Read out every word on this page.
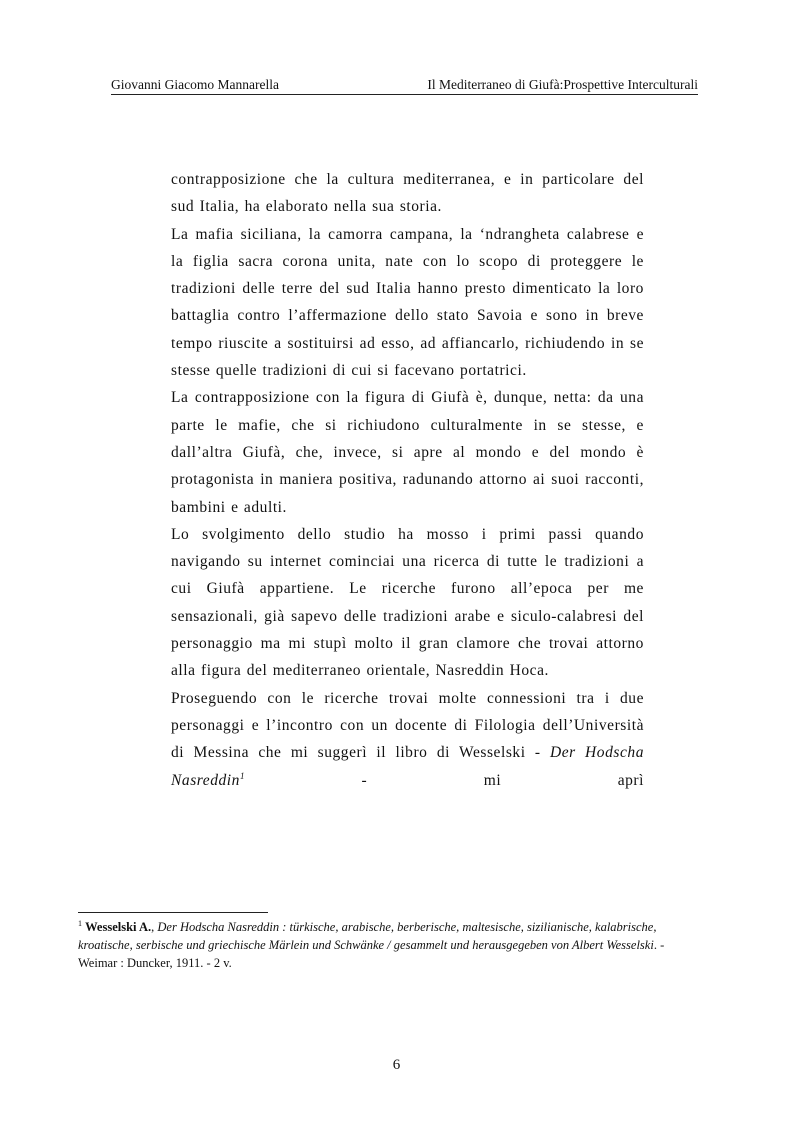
Giovanni Giacomo Mannarella	Il Mediterraneo di Giufà:Prospettive Interculturali

contrapposizione che la cultura mediterranea, e in particolare del sud Italia, ha elaborato nella sua storia.

La mafia siciliana, la camorra campana, la ‘ndrangheta calabrese e la figlia sacra corona unita, nate con lo scopo di proteggere le tradizioni delle terre del sud Italia hanno presto dimenticato la loro battaglia contro l’affermazione dello stato Savoia e sono in breve tempo riuscite a sostituirsi ad esso, ad affiancarlo, richiudendo in se stesse quelle tradizioni di cui si facevano portatrici.

La contrapposizione con la figura di Giufà è, dunque, netta: da una parte le mafie, che si richiudono culturalmente in se stesse, e dall’altra Giufà, che, invece, si apre al mondo e del mondo è protagonista in maniera positiva, radunando attorno ai suoi racconti, bambini e adulti.

Lo svolgimento dello studio ha mosso i primi passi quando navigando su internet cominciai una ricerca di tutte le tradizioni a cui Giufà appartiene. Le ricerche furono all’epoca per me sensazionali, già sapevo delle tradizioni arabe e siculo-calabresi del personaggio ma mi stupì molto il gran clamore che trovai attorno alla figura del mediterraneo orientale, Nasreddin Hoca.

Proseguendo con le ricerche trovai molte connessioni tra i due personaggi e l’incontro con un docente di Filologia dell’Università di Messina che mi suggerì il libro di Wesselski - Der Hodscha Nasreddin$^1$ - mi aprì

$^1$ Wesselski A., Der Hodscha Nasreddin : türkische, arabische, berberische, maltesische, sizilianische, kalabrische, kroatische, serbische und griechische Märlein und Schwänke / gesammelt und herausgegeben von Albert Wesselski. - Weimar : Duncker, 1911. - 2 v.
6
